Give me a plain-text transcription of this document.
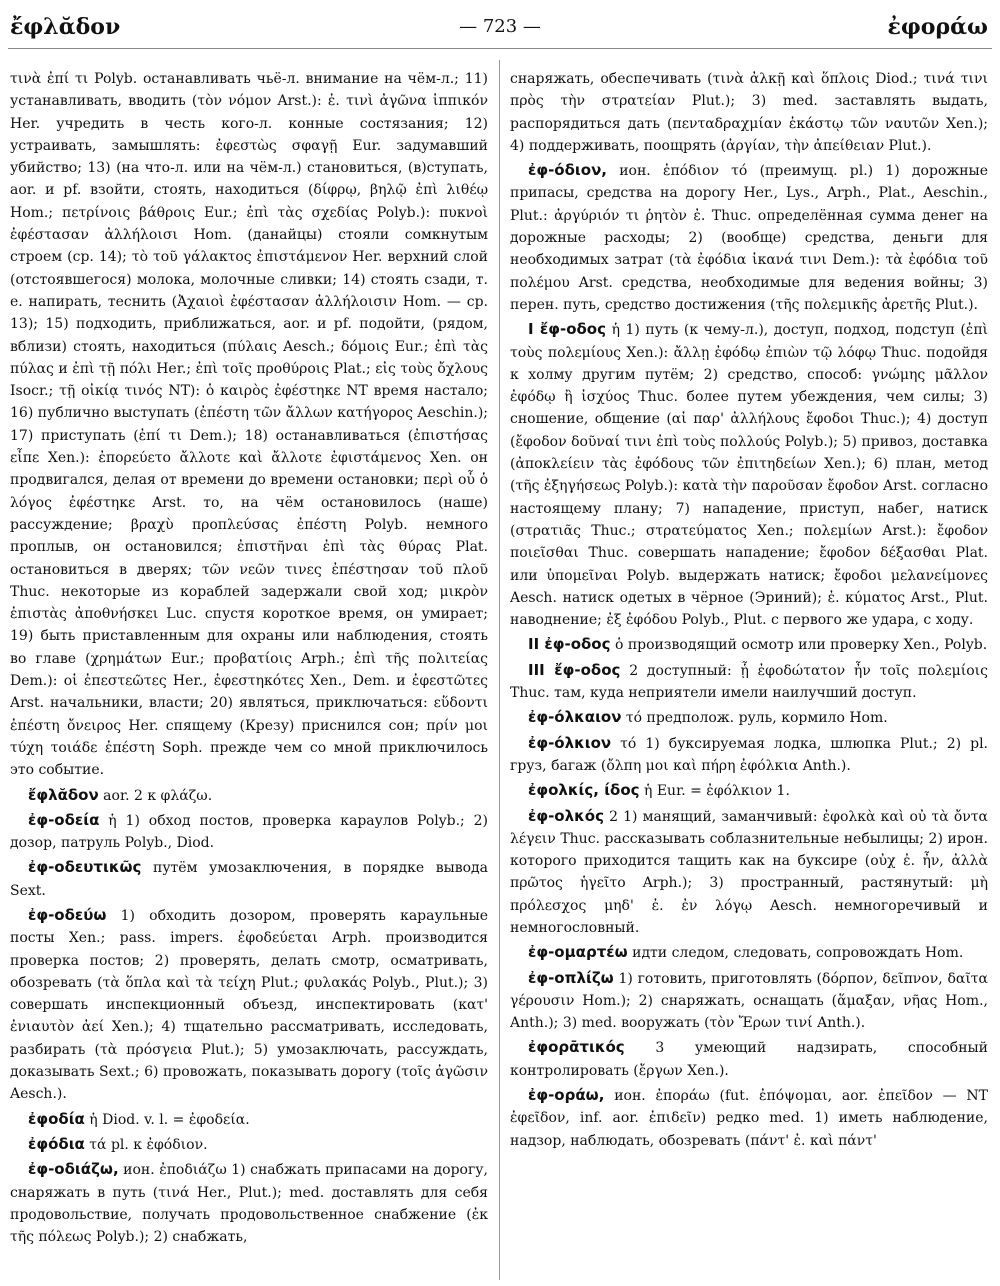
ἔφλᾰδον	— 723 —	ἐφοράω

τινὰ ἐπί τι Polyb. останавливать чьё-л. внимание на чём-л.; 11) устанавливать, вводить (τὸν νόμον Arst.): ἐ. τινὶ ἀγῶνα ἱππικόν Her. учредить в честь кого-л. конные состязания; 12) устраивать, замышлять: ἐφεστὼς σφαγῇ Eur. задумавший убийство; 13) (на что-л. или на чём-л.) становиться, (в)ступать, aor. и pf. взойти, стоять, находиться (δίφρῳ, βηλῷ ἐπὶ λιθέῳ Hom.; πετρίνοις βάθροις Eur.; ἐπὶ τὰς σχεδίας Polyb.): πυκνοὶ ἐφέστασαν ἀλλήλοισι Hom. (данайцы) стояли сомкнутым строем (ср. 14); τὸ τοῦ γάλακτος ἐπιστάμενον Her. верхний слой (отстоявшегося) молока, молочные сливки; 14) стоять сзади, т. е. напирать, теснить (Ἀχαιοὶ ἐφέστασαν ἀλλήλοισιν Hom. — ср. 13); 15) подходить, приближаться, aor. и pf. подойти, (рядом, вблизи) стоять, находиться (πύλαις Aesch.; δόμοις Eur.; ἐπὶ τὰς πύλας и ἐπὶ τῇ πόλι Her.; ἐπὶ τοῖς προθύροις Plat.; εἰς τοὺς ὄχλους Isocr.; τῇ οἰκίᾳ τινός NT): ὁ καιρὸς ἐφέστηκε NT время настало; 16) публично выступать (ἐπέστη τῶν ἄλλων κατήγορος Aeschin.); 17) приступать (ἐπί τι Dem.); 18) останавливаться (ἐπιστήσας εἶπε Xen.): ἐπορεύετο ἄλλοτε καὶ ἄλλοτε ἐφιστάμενος Xen. он продвигался, делая от времени до времени остановки; περὶ οὗ ὁ λόγος ἐφέστηκε Arst. то, на чём остановилось (наше) рассуждение; βραχὺ προπλεύσας ἐπέστη Polyb. немного проплыв, он остановился; ἐπιστῆναι ἐπὶ τὰς θύρας Plat. остановиться в дверях; τῶν νεῶν τινες ἐπέστησαν τοῦ πλοῦ Thuc. некоторые из кораблей задержали свой ход; μικρὸν ἐπιστὰς ἀποθνήσκει Luc. спустя короткое время, он умирает; 19) быть приставленным для охраны или наблюдения, стоять во главе (χρημάτων Eur.; προβατίοις Arph.; ἐπὶ τῆς πολιτείας Dem.): οἱ ἐπεστεῶτες Her., ἐφεστηκότες Xen., Dem. и ἐφεστῶτες Arst. начальники, власти; 20) являться, приключаться: εὕδοντι ἐπέστη ὄνειρος Her. спящему (Крезу) приснился сон; πρίν μοι τύχη τοιάδε ἐπέστη Soph. прежде чем со мной приключилось это событие.

ἔφλᾰδον aor. 2 к φλάζω.

ἐφ-οδεία ἡ 1) обход постов, проверка караулов Polyb.; 2) дозор, патруль Polyb., Diod.

ἐφ-οδευτικῶς путём умозаключения, в порядке вывода Sext.

ἐφ-οδεύω 1) обходить дозором, проверять караульные посты Xen.; pass. impers. ἐφοδεύεται Arph. производится проверка постов; 2) проверять, делать смотр, осматривать, обозревать (τὰ ὅπλα καὶ τὰ τείχη Plut.; φυλακάς Polyb., Plut.); 3) совершать инспекционный объезд, инспектировать (κατ' ἐνιαυτὸν ἀεί Xen.); 4) тщательно рассматривать, исследовать, разбирать (τὰ πρόσγεια Plut.); 5) умозаключать, рассуждать, доказывать Sext.; 6) провожать, показывать дорогу (τοῖς ἀγῶσιν Aesch.).

ἐφοδία ἡ Diod. v. l. = ἐφοδεία.

ἐφόδια τά pl. к ἐφόδιον.

ἐφ-οδιάζω, ион. ἐποδιάζω 1) снабжать припасами на дорогу, снаряжать в путь (τινά Her., Plut.); med. доставлять для себя продовольствие, получать продовольственное снабжение (ἐκ τῆς πόλεως Polyb.); 2) снабжать,

снаряжать, обеспечивать (τινὰ ἀλκῇ καὶ ὅπλοις Diod.; τινά τινι πρὸς τὴν στρατείαν Plut.); 3) med. заставлять выдать, распорядиться дать (πενταδραχμίαν ἑκάστῳ τῶν ναυτῶν Xen.); 4) поддерживать, поощрять (ἀργίαν, τὴν ἀπείθειαν Plut.).

ἐφ-όδιον, ион. ἐπόδιον τό (преимущ. pl.) 1) дорожные припасы, средства на дорогу Her., Lys., Arph., Plat., Aeschin., Plut.: ἀργύριόν τι ῥητὸν ἐ. Thuc. определённая сумма денег на дорожные расходы; 2) (вообще) средства, деньги для необходимых затрат (τὰ ἐφόδια ἱκανά τινι Dem.): τὰ ἐφόδια τοῦ πολέμου Arst. средства, необходимые для ведения войны; 3) перен. путь, средство достижения (τῆς πολεμικῆς ἀρετῆς Plut.).

I ἔφ-οδος ἡ 1) путь (к чему-л.), доступ, подход, подступ (ἐπὶ τοὺς πολεμίους Xen.): ἄλλῃ ἐφόδῳ ἐπιὼν τῷ λόφῳ Thuc. подойдя к холму другим путём; 2) средство, способ: γνώμης μᾶλλον ἐφόδῳ ἢ ἰσχύος Thuc. более путем убеждения, чем силы; 3) сношение, общение (αἱ παρ' ἀλλήλους ἔφοδοι Thuc.); 4) доступ (ἔφοδον δοῦναί τινι ἐπὶ τοὺς πολλούς Polyb.); 5) привоз, доставка (ἀποκλείειν τὰς ἐφόδους τῶν ἐπιτηδείων Xen.); 6) план, метод (τῆς ἐξηγήσεως Polyb.): κατὰ τὴν παροῦσαν ἔφοδον Arst. согласно настоящему плану; 7) нападение, приступ, набег, натиск (στρατιᾶς Thuc.; στρατεύματος Xen.; πολεμίων Arst.): ἔφοδον ποιεῖσθαι Thuc. совершать нападение; ἔφοδον δέξασθαι Plat. или ὑπομεῖναι Polyb. выдержать натиск; ἔφοδοι μελανείμονες Aesch. натиск одетых в чёрное (Эриний); ἐ. κύματος Arst., Plut. наводнение; ἐξ ἐφόδου Polyb., Plut. с первого же удара, с ходу.

II ἐφ-οδος ὁ производящий осмотр или проверку Xen., Polyb.

III ἔφ-οδος 2 доступный: ᾗ ἐφοδώτατον ἦν τοῖς πολεμίοις Thuc. там, куда неприятели имели наилучший доступ.

ἐφ-όλκαιον τό предполож. руль, кормило Hom.

ἐφ-όλκιον τό 1) буксируемая лодка, шлюпка Plut.; 2) pl. груз, багаж (ὄλπη μοι καὶ πήρη ἐφόλκια Anth.).

ἐφολκίς, ίδος ἡ Eur. = ἐφόλκιον 1.

ἐφ-ολκός 2 1) манящий, заманчивый: ἐφολκὰ καὶ οὐ τὰ ὄντα λέγειν Thuc. рассказывать соблазнительные небылицы; 2) ирон. которого приходится тащить как на буксире (οὐχ ἐ. ἦν, ἀλλὰ πρῶτος ἡγεῖτο Arph.); 3) пространный, растянутый: μὴ πρόλεσχος μηδ' ἐ. ἐν λόγῳ Aesch. немногоречивый и немногословный.

ἐφ-ομαρτέω идти следом, следовать, сопровождать Hom.

ἐφ-οπλίζω 1) готовить, приготовлять (δόρπον, δεῖπνον, δαῖτα γέρουσιν Hom.); 2) снаряжать, оснащать (ἅμαξαν, νῆας Hom., Anth.); 3) med. вооружать (τὸν Ἔρων τινί Anth.).

ἐφορᾱτικός 3 умеющий надзирать, способный контролировать (ἔργων Xen.).

ἐφ-οράω, ион. ἐποράω (fut. ἐπόψομαι, aor. ἐπεῖδον — NT ἐφεῖδον, inf. aor. ἐπιδεῖν) редко med. 1) иметь наблюдение, надзор, наблюдать, обозревать (πάντ' ἐ. καὶ πάντ'
